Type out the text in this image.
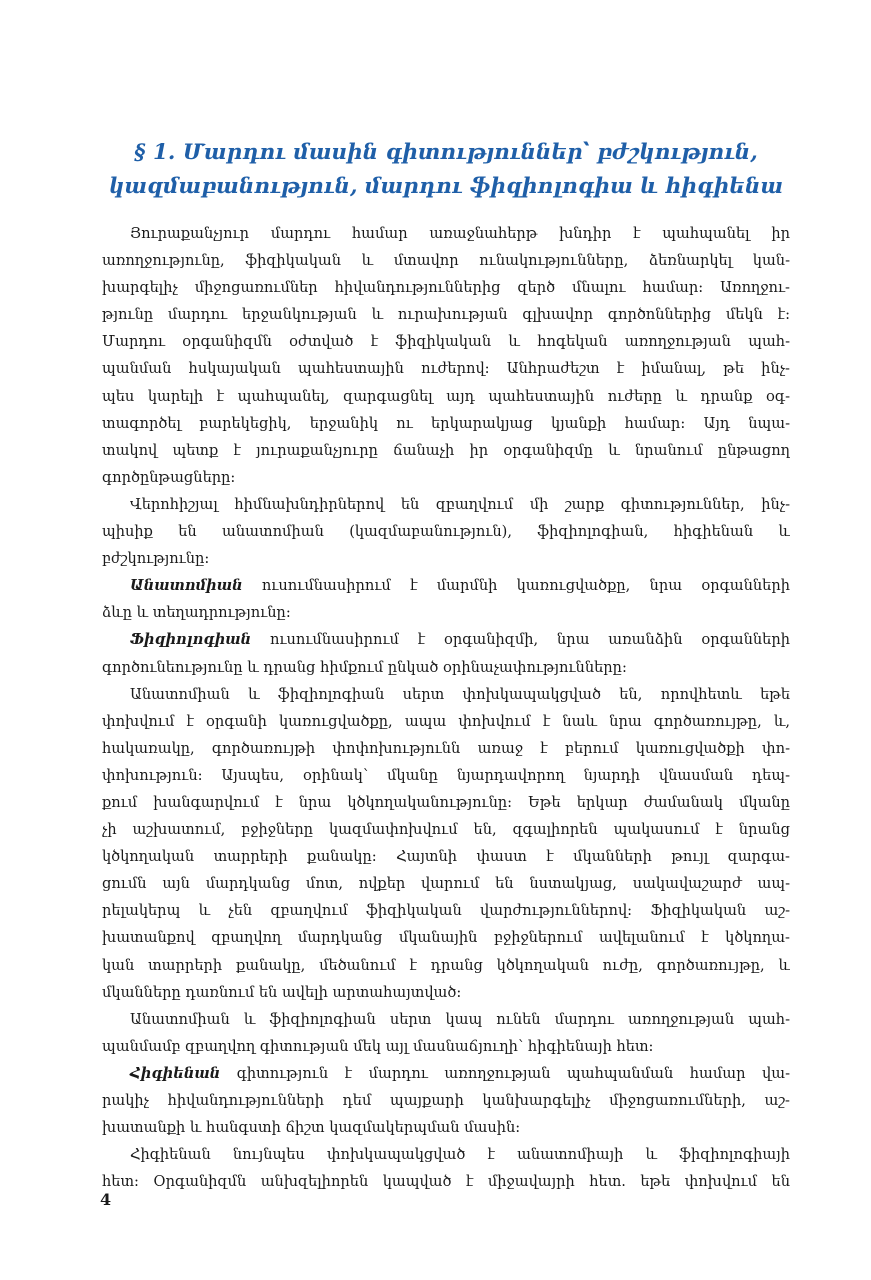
§ 1. Մարդու մասին գիտություններ՝ բժշկություն,
կազմաբանություն, մարդու ֆիզիոլոգիա և հիգիենա
Յուրաքանչյուր մարդու համար առաջնահերթ խնդիր է պահպանել իր
առողջությունը, ֆիզիկական և մտավոր ունակությունները, ձեռնարկել կան-
խարգելիչ միջոցառումներ հիվանդություններից զերծ մնալու համար: Առողջու-
թյունը մարդու երջանկության և ուրախության գլխավոր գործոններից մեկն է:
Մարդու օրգանիզմն օժտված է ֆիզիկական և հոգեկան առողջության պահ-
պանման հսկայական պահեստային ուժերով: Անհրաժեշտ է իմանալ, թե ինչ-
պես կարելի է պահպանել, զարգացնել այդ պահեստային ուժերը և դրանք օգ-
տագործել բարեկեցիկ, երջանիկ ու երկարակյաց կյանքի համար: Այդ նպա-
տակով պետք է յուրաքանչյուրը ճանաչի իր օրգանիզմը և նրանում ընթացող
գործընթացները:
Վերոհիշյալ հիմնախնդիրներով են զբաղվում մի շարք գիտություններ, ինչ-
պիսիք են անատոմիան (կազմաբանություն), ֆիզիոլոգիան, հիգիենան և
բժշկությունը:
Անատոմիան ուսումնասիրում է մարմնի կառուցվածքը, նրա օրգանների
ձևը և տեղադրությունը:
Ֆիզիոլոգիան ուսումնասիրում է օրգանիզմի, նրա առանձին օրգանների
գործունեությունը և դրանց հիմքում ընկած օրինաչափությունները:
Անատոմիան և ֆիզիոլոգիան սերտ փոխկապակցված են, որովհետև եթե
փոխվում է օրգանի կառուցվածքը, ապա փոխվում է նաև նրա գործառույթը, և,
հակառակը, գործառույթի փոփոխությունն առաջ է բերում կառուցվածքի փո-
փոխություն: Այսպես, օրինակ՝ մկանը նյարդավորող նյարդի վնասման դեպ-
քում խանգարվում է նրա կծկողականությունը: Եթե երկար ժամանակ մկանը
չի աշխատում, բջիջները կազմափոխվում են, զգալիորեն պակասում է նրանց
կծկողական տարրերի քանակը: Հայտնի փաստ է մկանների թույլ զարգա-
ցումն այն մարդկանց մոտ, ովքեր վարում են նստակյաց, սակավաշարժ ապ-
րելակերպ և չեն զբաղվում ֆիզիկական վարժություններով: Ֆիզիկական աշ-
խատանքով զբաղվող մարդկանց մկանային բջիջներում ավելանում է կծկողա-
կան տարրերի քանակը, մեծանում է դրանց կծկողական ուժը, գործառույթը, և
մկանները դառնում են ավելի արտահայտված:
Անատոմիան և ֆիզիոլոգիան սերտ կապ ունեն մարդու առողջության պահ-
պանմամբ զբաղվող գիտության մեկ այլ մասնաճյուղի՝ հիգիենայի հետ:
Հիգիենան գիտություն է մարդու առողջության պահպանման համար վա-
րակիչ հիվանդությունների դեմ պայքարի կանխարգելիչ միջոցառումների, աշ-
խատանքի և հանգստի ճիշտ կազմակերպման մասին:
Հիգիենան նույնպես փոխկապակցված է անատոմիայի և ֆիզիոլոգիայի
հետ: Օրգանիզմն անխզելիորեն կապված է միջավայրի հետ. եթե փոխվում են
4
